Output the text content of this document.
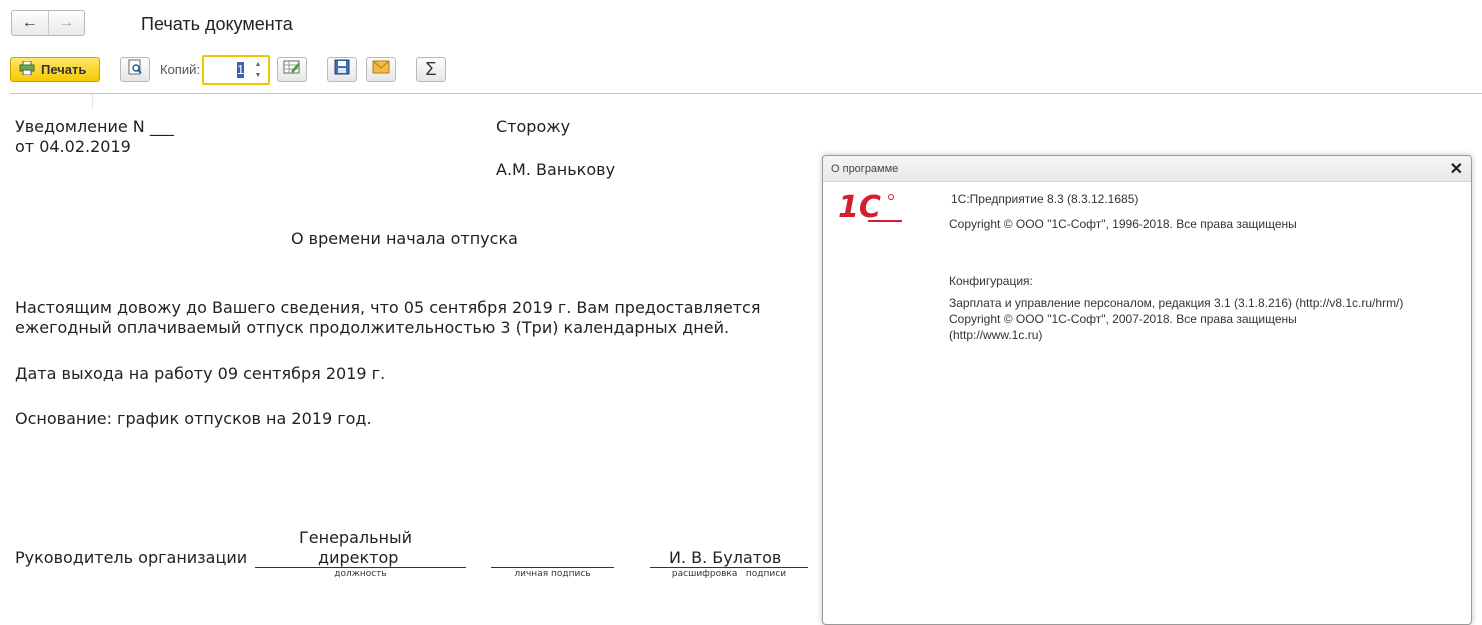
← →	Печать документа
Печать	Копий:	1	▲
▼	Σ
Уведомление N ___
от 04.02.2019
Сторожу
А.М. Ванькову
О времени начала отпуска
Настоящим довожу до Вашего сведения, что 05 сентября 2019 г. Вам предоставляется
ежегодный оплачиваемый отпуск продолжительностью 3 (Три) календарных дней.
Дата выхода на работу 09 сентября 2019 г.
Основание: график отпусков на 2019 год.
Руководитель организации
Генеральный
директор
должность	личная подпись
И. В. Булатов
расшифровка   подписи
О программе	✕
1С	1С:Предприятие 8.3 (8.3.12.1685)
Copyright © ООО "1С-Софт", 1996-2018. Все права защищены
Конфигурация:
Зарплата и управление персоналом, редакция 3.1 (3.1.8.216) (http://v8.1c.ru/hrm/)
Copyright © ООО "1С-Софт", 2007-2018. Все права защищены
(http://www.1c.ru)
